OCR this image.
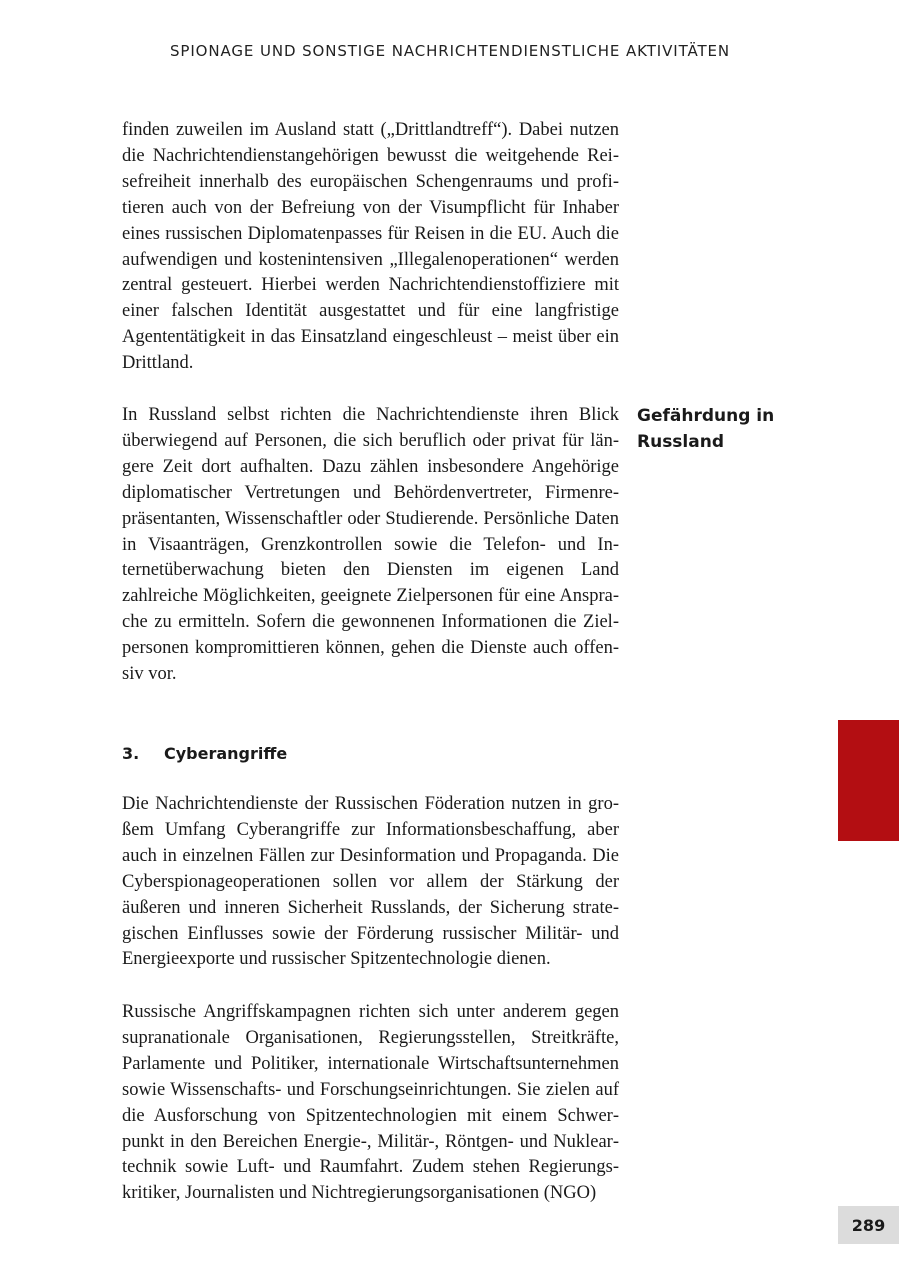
SPIONAGE UND SONSTIGE NACHRICHTENDIENSTLICHE AKTIVITÄTEN

finden zuweilen im Ausland statt („Drittlandtreff“). Dabei nutzen die Nachrichtendienstangehörigen bewusst die weitgehende Reisefreiheit innerhalb des europäischen Schengenraums und profitieren auch von der Befreiung von der Visumpflicht für Inhaber eines russischen Diplomatenpasses für Reisen in die EU. Auch die aufwendigen und kostenintensiven „Illegalenoperationen“ werden zentral gesteuert. Hierbei werden Nachrichtendienstoffiziere mit einer falschen Identität ausgestattet und für eine langfristige Agententätigkeit in das Einsatzland eingeschleust – meist über ein Drittland.

In Russland selbst richten die Nachrichtendienste ihren Blick überwiegend auf Personen, die sich beruflich oder privat für längere Zeit dort aufhalten. Dazu zählen insbesondere Angehörige diplomatischer Vertretungen und Behördenvertreter, Firmenrepräsentanten, Wissenschaftler oder Studierende. Persönliche Daten in Visaanträgen, Grenzkontrollen sowie die Telefon- und Internetüberwachung bieten den Diensten im eigenen Land zahlreiche Möglichkeiten, geeignete Zielpersonen für eine Ansprache zu ermitteln. Sofern die gewonnenen Informationen die Zielpersonen kompromittieren können, gehen die Dienste auch offensiv vor.

Gefährdung in Russland
3. Cyberangriffe

Die Nachrichtendienste der Russischen Föderation nutzen in großem Umfang Cyberangriffe zur Informationsbeschaffung, aber auch in einzelnen Fällen zur Desinformation und Propaganda. Die Cyberspionageoperationen sollen vor allem der Stärkung der äußeren und inneren Sicherheit Russlands, der Sicherung strategischen Einflusses sowie der Förderung russischer Militär- und Energieexporte und russischer Spitzentechnologie dienen.

Russische Angriffskampagnen richten sich unter anderem gegen supranationale Organisationen, Regierungsstellen, Streitkräfte, Parlamente und Politiker, internationale Wirtschaftsunternehmen sowie Wissenschafts- und Forschungseinrichtungen. Sie zielen auf die Ausforschung von Spitzentechnologien mit einem Schwerpunkt in den Bereichen Energie-, Militär-, Röntgen- und Nukleartechnik sowie Luft- und Raumfahrt. Zudem stehen Regierungskritiker, Journalisten und Nichtregierungsorganisationen (NGO)

289
